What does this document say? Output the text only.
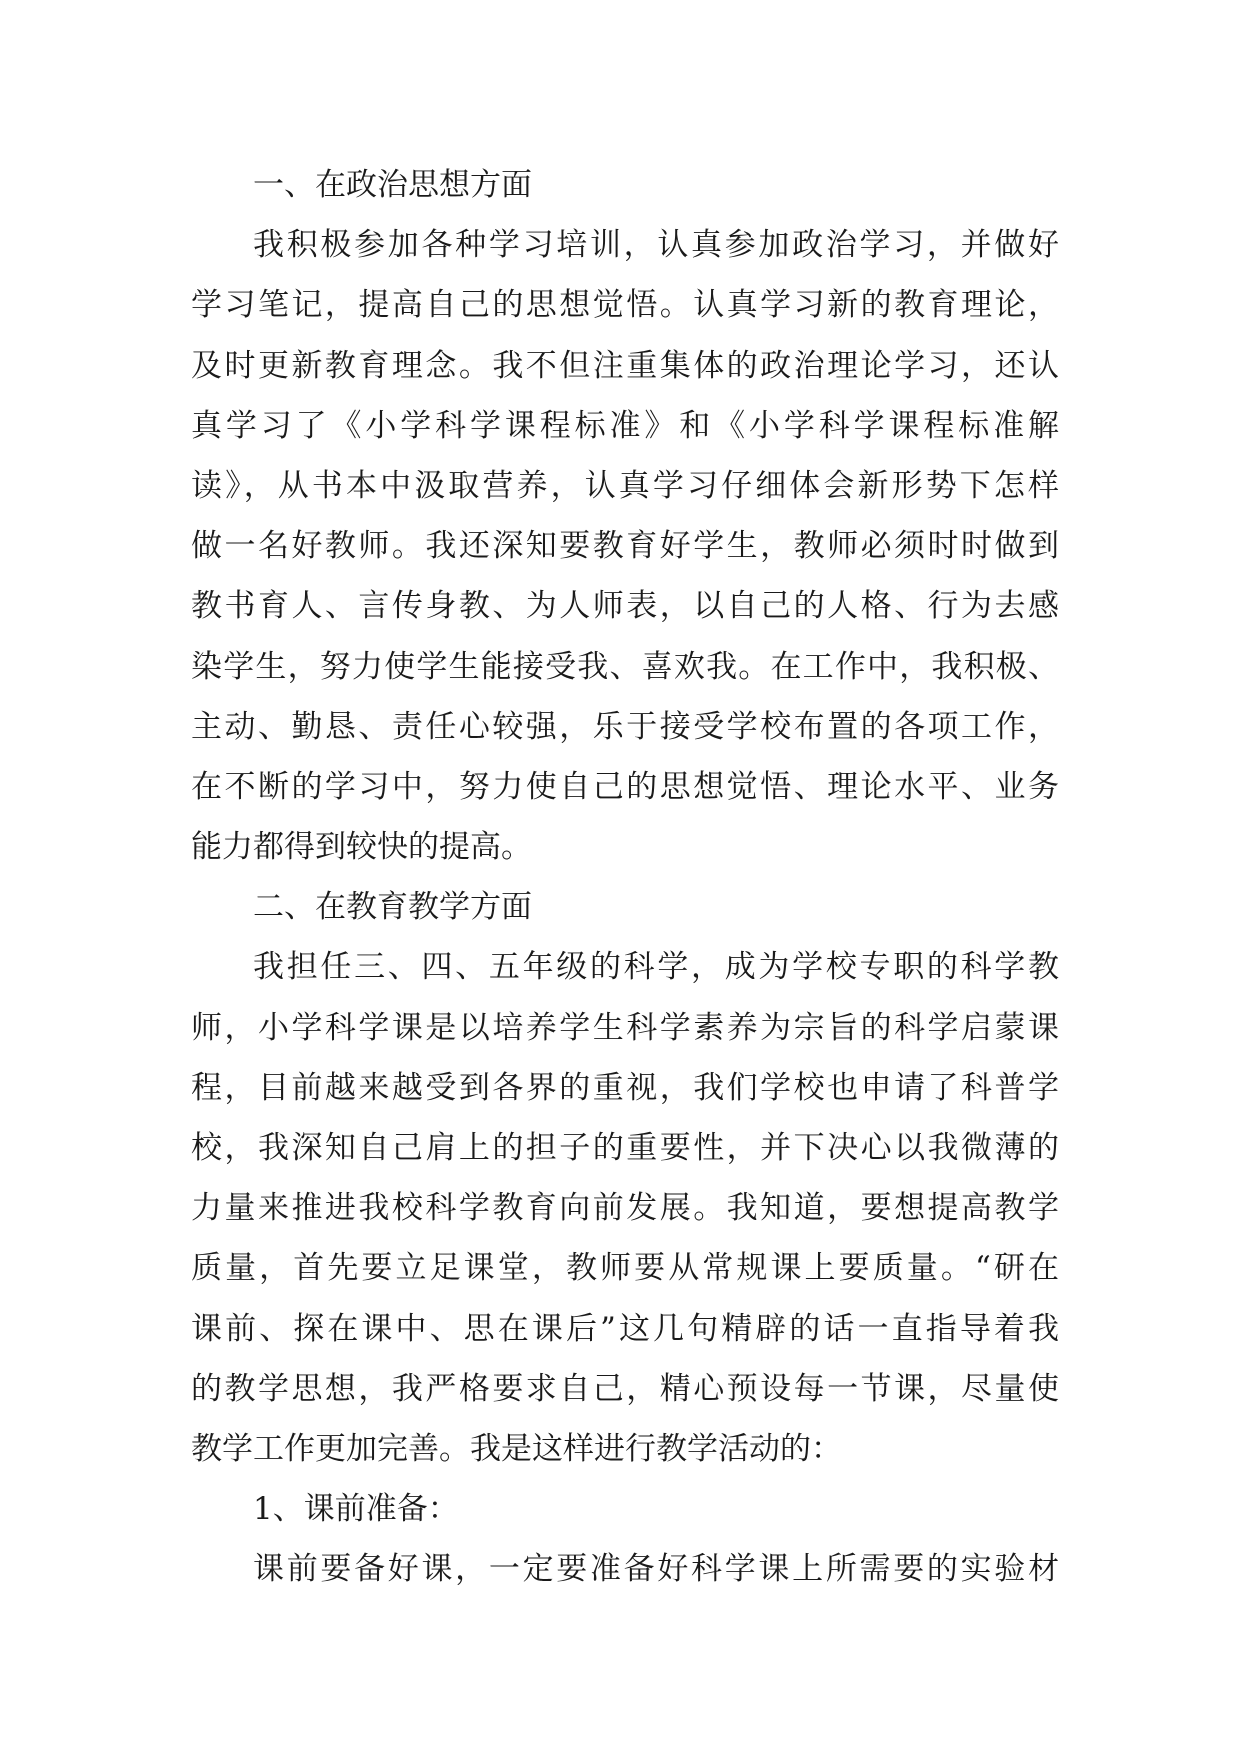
一、在政治思想方面
我积极参加各种学习培训，认真参加政治学习，并做好
学习笔记，提高自己的思想觉悟。认真学习新的教育理论，
及时更新教育理念。我不但注重集体的政治理论学习，还认
真学习了《小学科学课程标准》和《小学科学课程标准解
读》，从书本中汲取营养，认真学习仔细体会新形势下怎样
做一名好教师。我还深知要教育好学生，教师必须时时做到
教书育人、言传身教、为人师表，以自己的人格、行为去感
染学生，努力使学生能接受我、喜欢我。在工作中，我积极、
主动、勤恳、责任心较强，乐于接受学校布置的各项工作，
在不断的学习中，努力使自己的思想觉悟、理论水平、业务
能力都得到较快的提高。
二、在教育教学方面
我担任三、四、五年级的科学，成为学校专职的科学教
师，小学科学课是以培养学生科学素养为宗旨的科学启蒙课
程，目前越来越受到各界的重视，我们学校也申请了科普学
校，我深知自己肩上的担子的重要性，并下决心以我微薄的
力量来推进我校科学教育向前发展。我知道，要想提高教学
质量，首先要立足课堂，教师要从常规课上要质量。“研在
课前、探在课中、思在课后”这几句精辟的话一直指导着我
的教学思想，我严格要求自己，精心预设每一节课，尽量使
教学工作更加完善。我是这样进行教学活动的：
1、课前准备：
课前要备好课，一定要准备好科学课上所需要的实验材
